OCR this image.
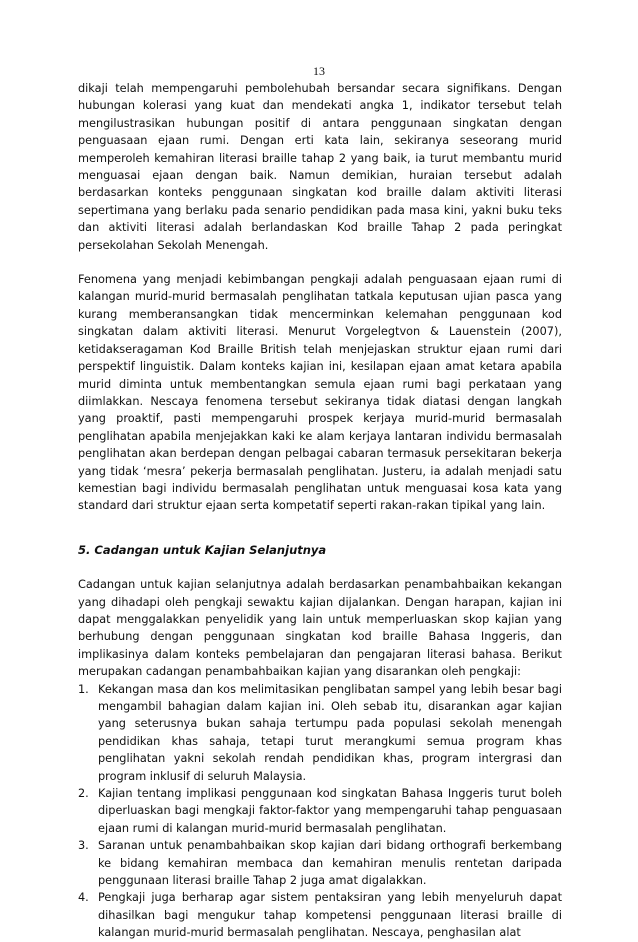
13

dikaji telah mempengaruhi pembolehubah bersandar secara signifikans. Dengan hubungan kolerasi yang kuat dan mendekati angka 1, indikator tersebut telah mengilustrasikan hubungan positif di antara penggunaan singkatan dengan penguasaan ejaan rumi. Dengan erti kata lain, sekiranya seseorang murid memperoleh kemahiran literasi braille tahap 2 yang baik, ia turut membantu murid menguasai ejaan dengan baik. Namun demikian, huraian tersebut adalah berdasarkan konteks penggunaan singkatan kod braille dalam aktiviti literasi sepertimana yang berlaku pada senario pendidikan pada masa kini, yakni buku teks dan aktiviti literasi adalah berlandaskan Kod braille Tahap 2 pada peringkat persekolahan Sekolah Menengah.

Fenomena yang menjadi kebimbangan pengkaji adalah penguasaan ejaan rumi di kalangan murid-murid bermasalah penglihatan tatkala keputusan ujian pasca yang kurang memberansangkan tidak mencerminkan kelemahan penggunaan kod singkatan dalam aktiviti literasi. Menurut Vorgelegtvon & Lauenstein (2007), ketidakseragaman Kod Braille British telah menjejaskan struktur ejaan rumi dari perspektif linguistik. Dalam konteks kajian ini, kesilapan ejaan amat ketara apabila murid diminta untuk membentangkan semula ejaan rumi bagi perkataan yang diimlakkan. Nescaya fenomena tersebut sekiranya tidak diatasi dengan langkah yang proaktif, pasti mempengaruhi prospek kerjaya murid-murid bermasalah penglihatan apabila menjejakkan kaki ke alam kerjaya lantaran individu bermasalah penglihatan akan berdepan dengan pelbagai cabaran termasuk persekitaran bekerja yang tidak ‘mesra’ pekerja bermasalah penglihatan. Justeru, ia adalah menjadi satu kemestian bagi individu bermasalah penglihatan untuk menguasai kosa kata yang standard dari struktur ejaan serta kompetatif seperti rakan-rakan tipikal yang lain.

5. Cadangan untuk Kajian Selanjutnya

Cadangan untuk kajian selanjutnya adalah berdasarkan penambahbaikan kekangan yang dihadapi oleh pengkaji sewaktu kajian dijalankan. Dengan harapan, kajian ini dapat menggalakkan penyelidik yang lain untuk memperluaskan skop kajian yang berhubung dengan penggunaan singkatan kod braille Bahasa Inggeris, dan implikasinya dalam konteks pembelajaran dan pengajaran literasi bahasa. Berikut merupakan cadangan penambahbaikan kajian yang disarankan oleh pengkaji:

1. Kekangan masa dan kos melimitasikan penglibatan sampel yang lebih besar bagi mengambil bahagian dalam kajian ini. Oleh sebab itu, disarankan agar kajian yang seterusnya bukan sahaja tertumpu pada populasi sekolah menengah pendidikan khas sahaja, tetapi turut merangkumi semua program khas penglihatan yakni sekolah rendah pendidikan khas, program intergrasi dan program inklusif di seluruh Malaysia.
2. Kajian tentang implikasi penggunaan kod singkatan Bahasa Inggeris turut boleh diperluaskan bagi mengkaji faktor-faktor yang mempengaruhi tahap penguasaan ejaan rumi di kalangan murid-murid bermasalah penglihatan.
3. Saranan untuk penambahbaikan skop kajian dari bidang orthografi berkembang ke bidang kemahiran membaca dan kemahiran menulis rentetan daripada penggunaan literasi braille Tahap 2 juga amat digalakkan.
4. Pengkaji juga berharap agar sistem pentaksiran yang lebih menyeluruh dapat dihasilkan bagi mengukur tahap kompetensi penggunaan literasi braille di kalangan murid-murid bermasalah penglihatan. Nescaya, penghasilan alat
